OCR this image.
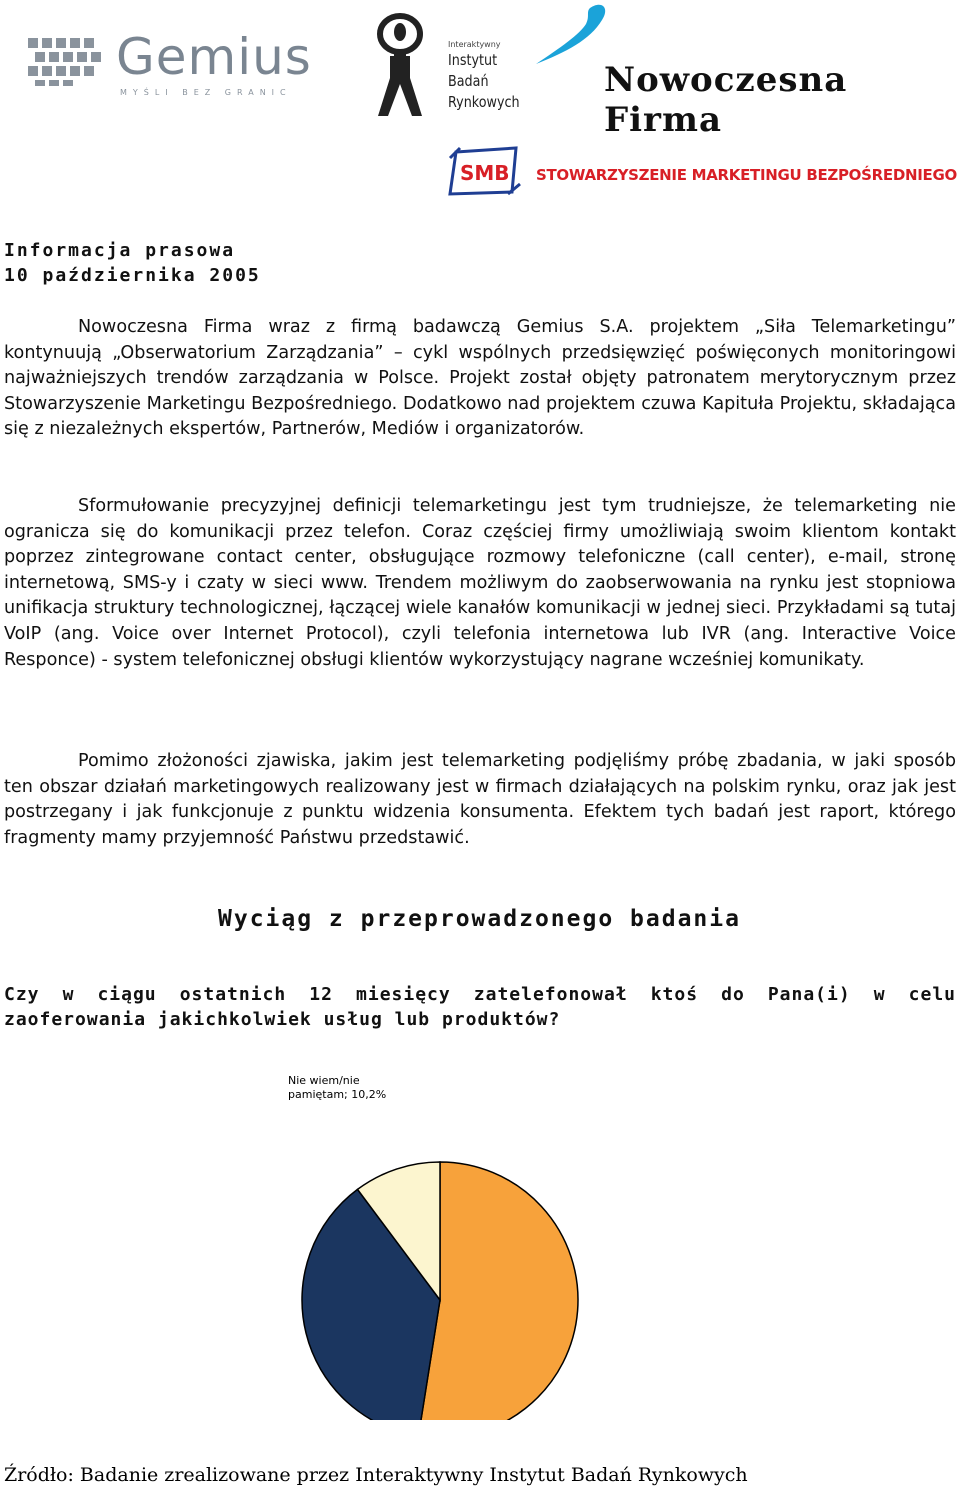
Gemius
MYŚLI BEZ GRANIC
Interaktywny
Instytut
Badań
Rynkowych
Nowoczesna Firma
SMB STOWARZYSZENIE MARKETINGU BEZPOŚREDNIEGO
Informacja prasowa
10 października 2005
Nowoczesna Firma wraz z firmą badawczą Gemius S.A. projektem „Siła Telemarketingu” kontynuują „Obserwatorium Zarządzania” – cykl wspólnych przedsięwzięć poświęconych monitoringowi najważniejszych trendów zarządzania w Polsce. Projekt został objęty patronatem merytorycznym przez Stowarzyszenie Marketingu Bezpośredniego. Dodatkowo nad projektem czuwa Kapituła Projektu, składająca się z niezależnych ekspertów, Partnerów, Mediów i organizatorów.
Sformułowanie precyzyjnej definicji telemarketingu jest tym trudniejsze, że telemarketing nie ogranicza się do komunikacji przez telefon. Coraz częściej firmy umożliwiają swoim klientom kontakt poprzez zintegrowane contact center, obsługujące rozmowy telefoniczne (call center), e-mail, stronę internetową, SMS-y i czaty w sieci www. Trendem możliwym do zaobserwowania na rynku jest stopniowa unifikacja struktury technologicznej, łączącej wiele kanałów komunikacji w jednej sieci. Przykładami są tutaj VoIP (ang. Voice over Internet Protocol), czyli telefonia internetowa lub IVR (ang. Interactive Voice Responce) - system telefonicznej obsługi klientów wykorzystujący nagrane wcześniej komunikaty.
Pomimo złożoności zjawiska, jakim jest telemarketing podjęliśmy próbę zbadania, w jaki sposób ten obszar działań marketingowych realizowany jest w firmach działających na polskim rynku, oraz jak jest postrzegany i jak funkcjonuje z punktu widzenia konsumenta. Efektem tych badań jest raport, którego fragmenty mamy przyjemność Państwu przedstawić.
Wyciąg z przeprowadzonego badania
Czy w ciągu ostatnich 12 miesięcy zatelefonował ktoś do Pana(i) w celu zaoferowania jakichkolwiek usług lub produktów?
Nie wiem/nie
pamiętam; 10,2%
Źródło: Badanie zrealizowane przez Interaktywny Instytut Badań Rynkowych
